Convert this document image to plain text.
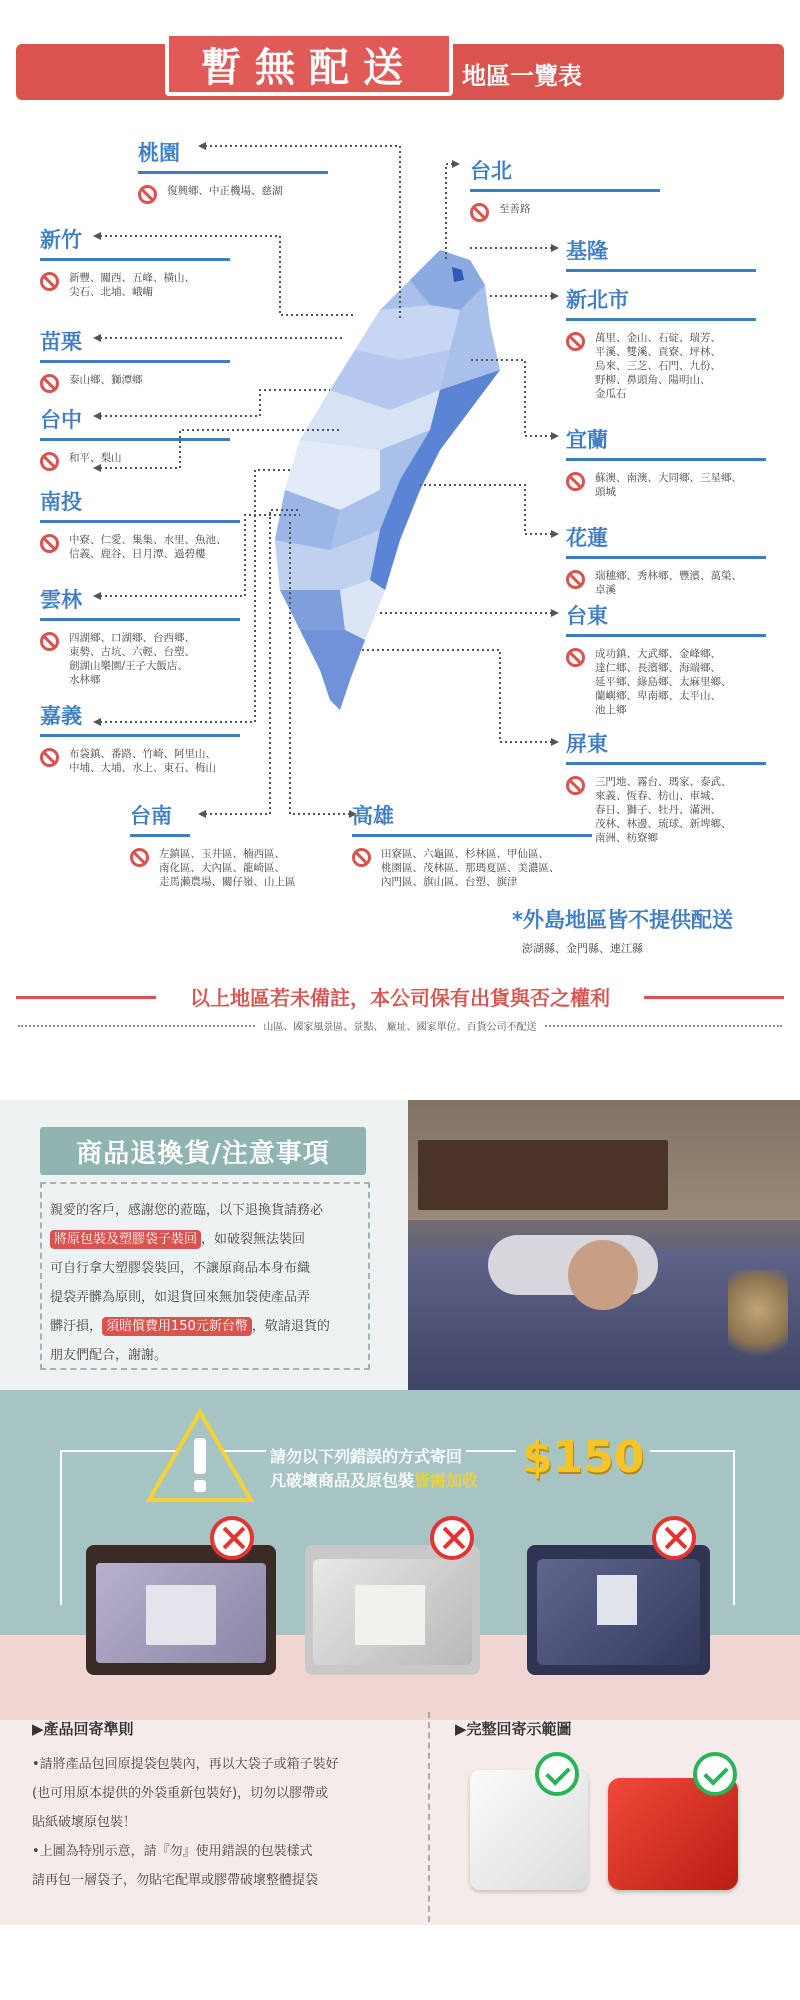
暫無配送 地區一覽表
桃園
復興鄉、中正機場、慈湖
新竹
新豐、關西、五峰、橫山、
尖石、北埔、峨嵋
苗栗
泰山鄉、獅潭鄉
台中
和平、梨山
南投
中寮、仁愛、集集、水里、魚池、
信義、鹿谷、日月潭、過碧樓
雲林
四湖鄉、口湖鄉、台西鄉、
東勢、古坑、六輕、台塑、
劍湖山樂園/王子大飯店、
水林鄉
嘉義
布袋鎮、番路、竹崎、阿里山、
中埔、大埔、水上、東石、梅山
台南
左鎮區、玉井區、楠西區、
南化區、大內區、龍崎區、
走馬瀨農場、關仔嶺、山上區
高雄
田寮區、六龜區、杉林區、甲仙區、
桃園區、茂林區、那瑪夏區、美濃區、
內門區、旗山區、台塑、旗津
台北
至善路
基隆
新北市
萬里、金山、石碇、瑞芳、
平溪、雙溪、貢寮、坪林、
烏來、三芝、石門、九份、
野柳、鼻頭角、陽明山、
金瓜石
宜蘭
蘇澳、南澳、大同鄉、三星鄉、
頭城
花蓮
瑞穗鄉、秀林鄉、豐濱、萬榮、
卓溪
台東
成功鎮、大武鄉、金峰鄉、
達仁鄉、長濱鄉、海端鄉、
延平鄉、綠島鄉、太麻里鄉、
蘭嶼鄉、卑南鄉、太平山、
池上鄉
屏東
三門地、霧台、瑪家、泰武、
來義、恆春、枋山、車城、
春日、獅子、牡丹、滿洲、
茂林、林邊、琉球、新埤鄉、
南洲、枋寮鄉
*外島地區皆不提供配送
澎湖縣、金門縣、連江縣
以上地區若未備註，本公司保有出貨與否之權利
山區、國家風景區、景點、 廠址、國家單位、百貨公司不配送
商品退換貨/注意事項
親愛的客戶，感謝您的蒞臨，以下退換貨請務必
將原包裝及塑膠袋子裝回 ，如破裂無法裝回
可自行拿大塑膠袋裝回，不讓原商品本身布織
提袋弄髒為原則，如退貨回來無加袋使產品弄
髒汙損， 須賠償費用150元新台幣 ，敬請退貨的
朋友們配合，謝謝。
請勿以下列錯誤的方式寄回
凡破壞商品及原包裝皆需加收 $150
▶產品回寄準則
•請將產品包回原提袋包裝內，再以大袋子或箱子裝好
(也可用原本提供的外袋重新包裝好)，切勿以膠帶或
貼紙破壞原包裝！
•上圖為特別示意，請『勿』使用錯誤的包裝樣式
請再包一層袋子，勿貼宅配單或膠帶破壞整體提袋
▶完整回寄示範圖
